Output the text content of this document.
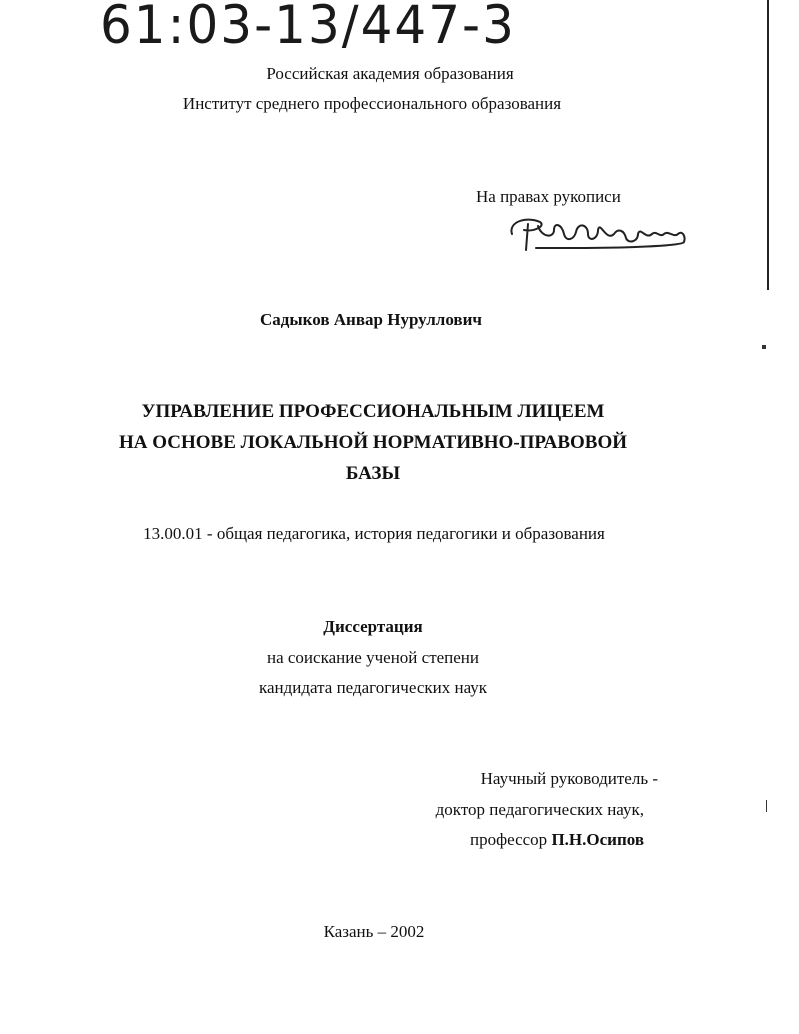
61:03-13/447-3
Российская академия образования
Институт среднего профессионального образования
На правах рукописи
Садыков Анвар Нуруллович
УПРАВЛЕНИЕ ПРОФЕССИОНАЛЬНЫМ ЛИЦЕЕМ
НА ОСНОВЕ ЛОКАЛЬНОЙ НОРМАТИВНО-ПРАВОВОЙ
БАЗЫ
13.00.01 - общая педагогика, история педагогики и образования
Диссертация
на соискание ученой степени
кандидата педагогических наук
Научный руководитель -
доктор педагогических наук,
профессор П.Н.Осипов
Казань – 2002
